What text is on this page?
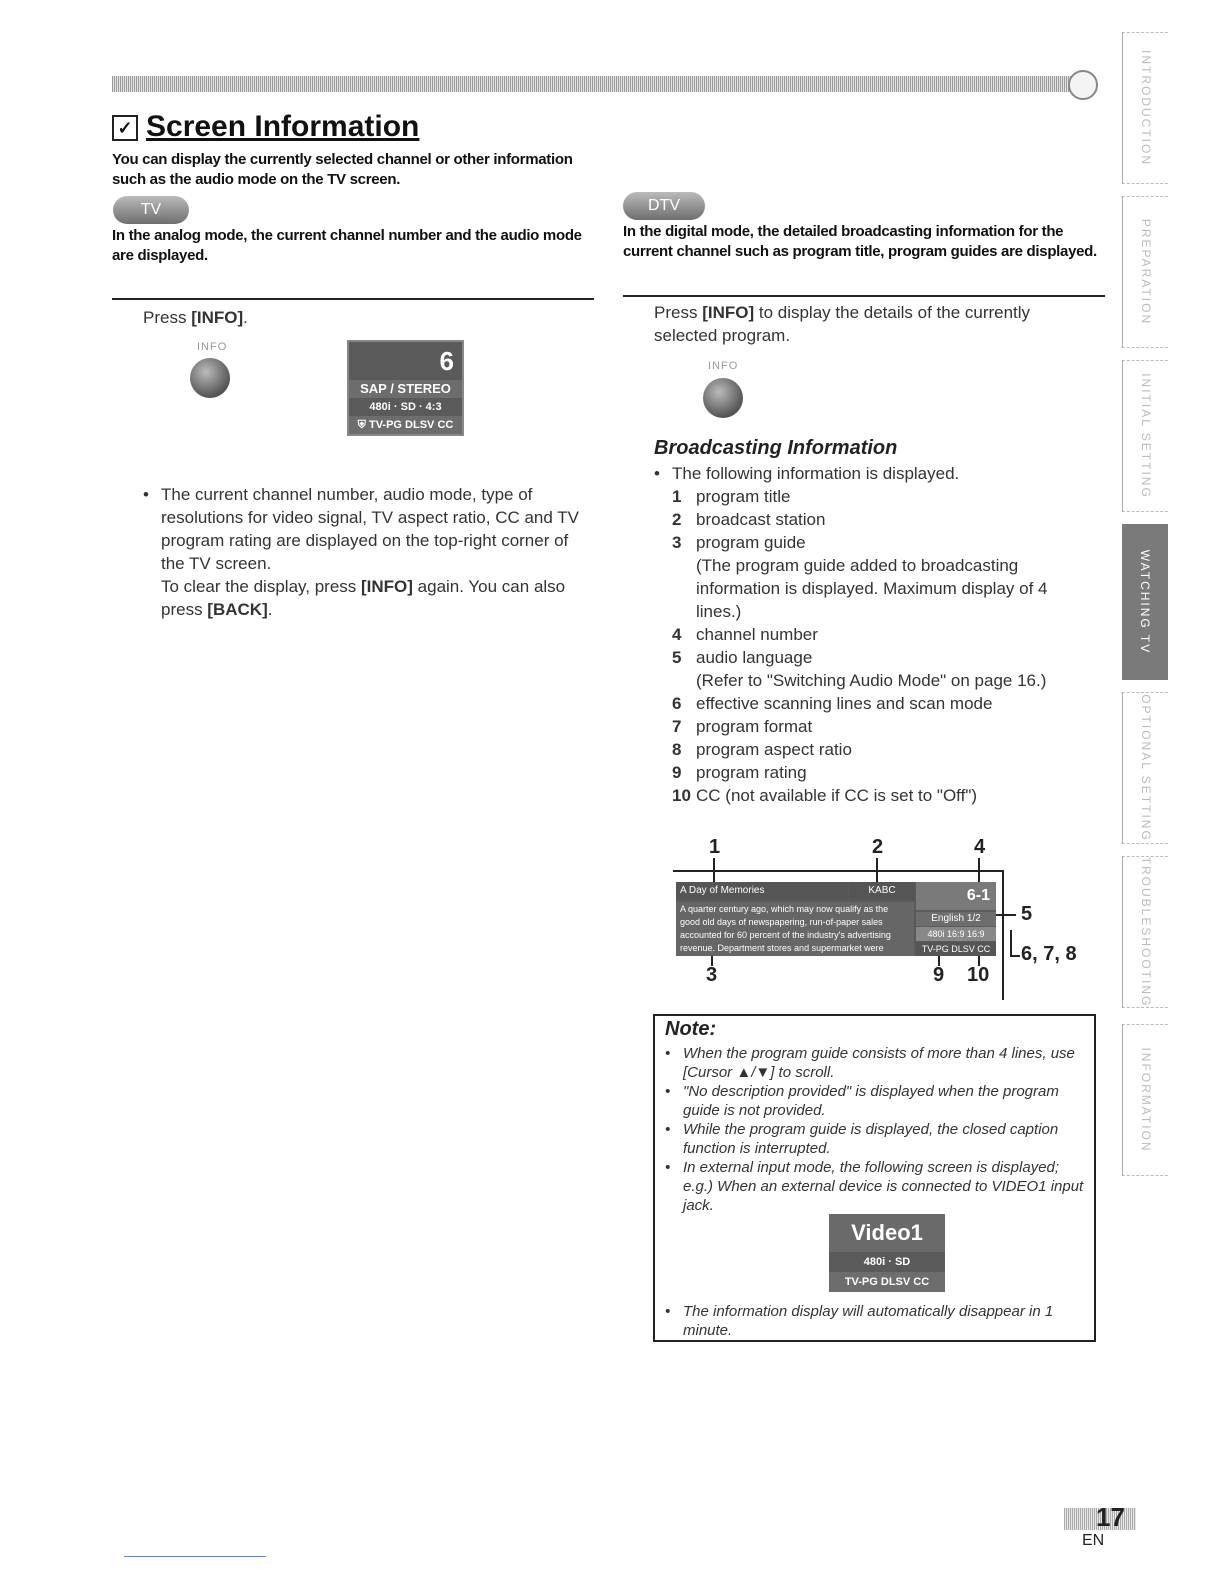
✓ Screen Information
You can display the currently selected channel or other information such as the audio mode on the TV screen.
TV
In the analog mode, the current channel number and the audio mode are displayed.
DTV
In the digital mode, the detailed broadcasting information for the current channel such as program title, program guides are displayed.
Press [INFO].
INFO	6
SAP / STEREO
480i · SD · 4:3
⛨ TV-PG DLSV CC
• The current channel number, audio mode, type of resolutions for video signal, TV aspect ratio, CC and TV program rating are displayed on the top-right corner of the TV screen.
To clear the display, press [INFO] again. You can also press [BACK].
Press [INFO] to display the details of the currently selected program.
INFO
Broadcasting Information
• The following information is displayed.
1 program title
2 broadcast station
3 program guide
(The program guide added to broadcasting information is displayed. Maximum display of 4 lines.)
4 channel number
5 audio language
(Refer to "Switching Audio Mode" on page 16.)
6 effective scanning lines and scan mode
7 program format
8 program aspect ratio
9 program rating
10 CC (not available if CC is set to "Off")
1	2	4
A Day of Memories	KABC	6-1
A quarter century ago, which may now qualify as the good old days of newspapering, run-of-paper sales accounted for 60 percent of the industry's advertising revenue. Department stores and supermarket were
English 1/2
480i 16:9 16:9
TV-PG DLSV CC
5
6, 7, 8
3	9 10
Note:
• When the program guide consists of more than 4 lines, use [Cursor ▲/▼] to scroll.
• "No description provided" is displayed when the program guide is not provided.
• While the program guide is displayed, the closed caption function is interrupted.
• In external input mode, the following screen is displayed; e.g.) When an external device is connected to VIDEO1 input jack.
Video1
480i · SD
TV-PG DLSV CC
• The information display will automatically disappear in 1 minute.
INTRODUCTION
PREPARATION
INITIAL SETTING
WATCHING TV
OPTIONAL SETTING
TROUBLESHOOTING
INFORMATION
17
EN
